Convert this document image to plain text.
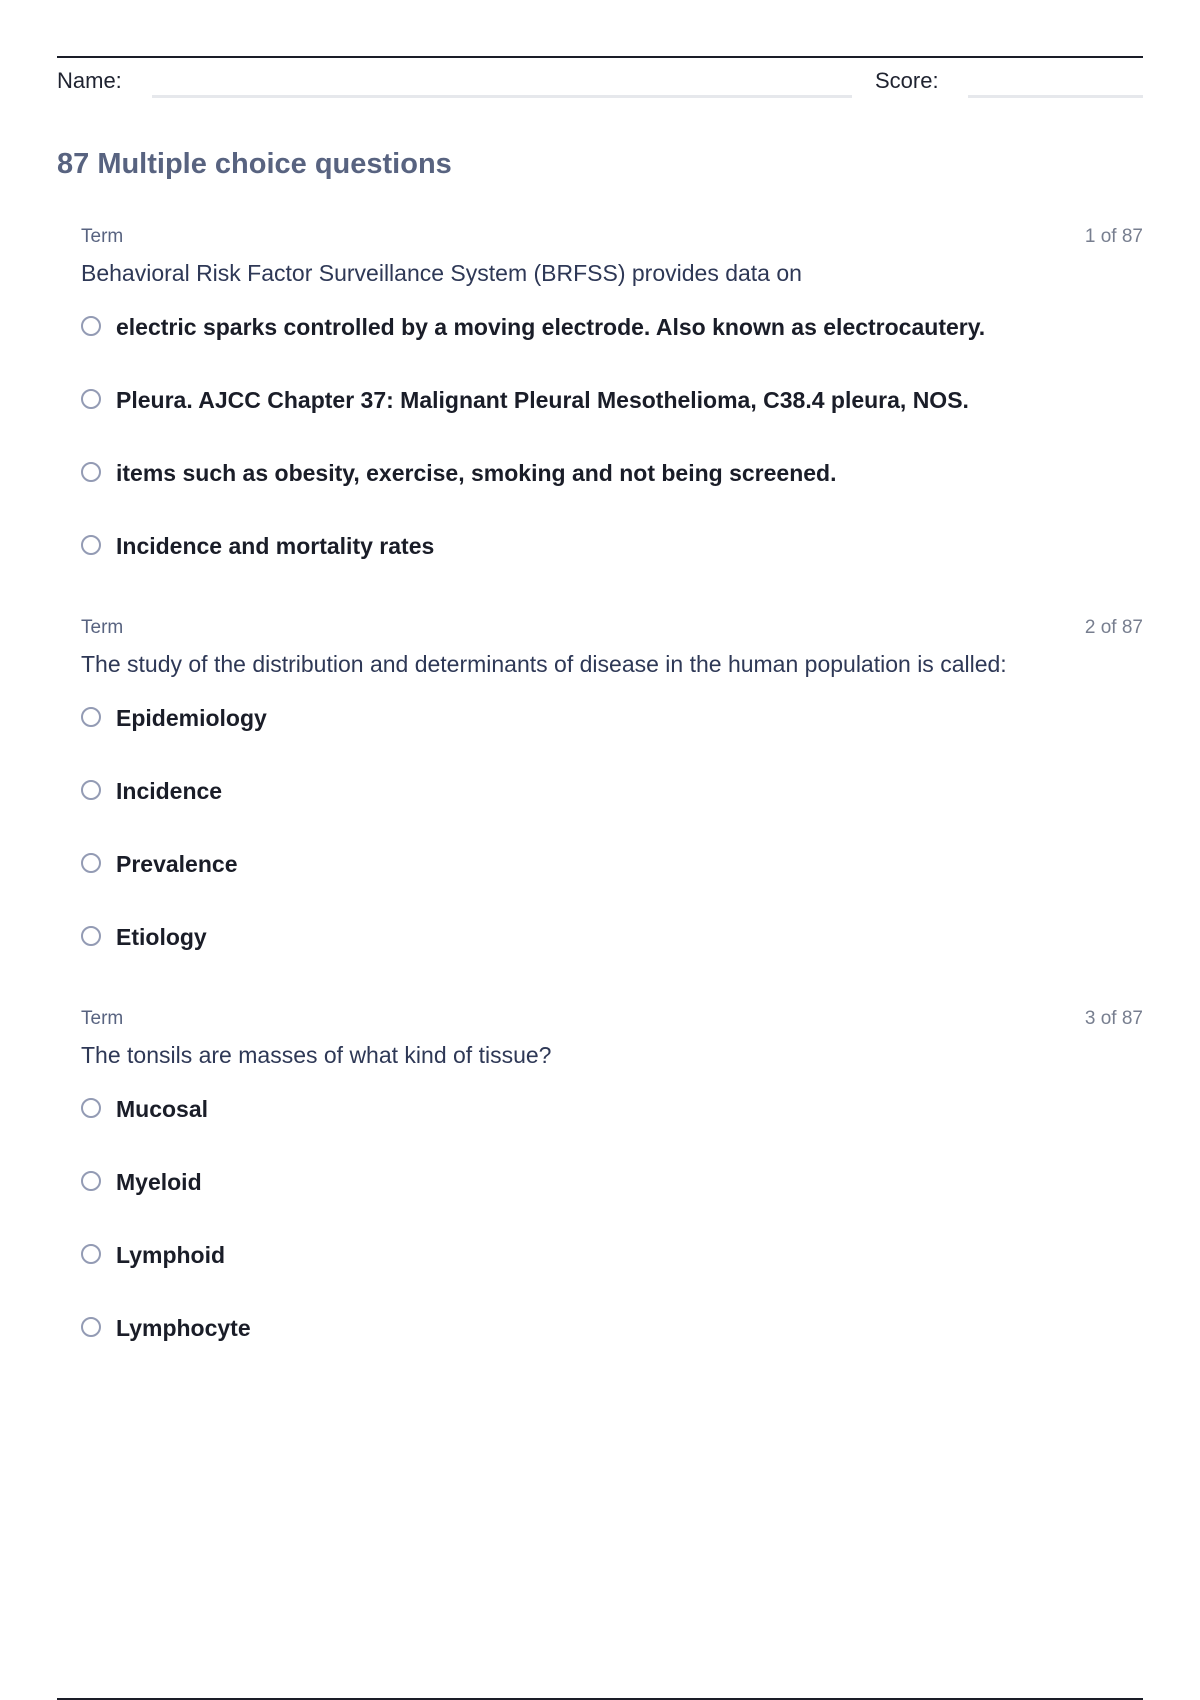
Name:	Score:
87 Multiple choice questions
Term	1 of 87
Behavioral Risk Factor Surveillance System (BRFSS) provides data on
electric sparks controlled by a moving electrode. Also known as electrocautery.
Pleura. AJCC Chapter 37: Malignant Pleural Mesothelioma, C38.4 pleura, NOS.
items such as obesity, exercise, smoking and not being screened.
Incidence and mortality rates
Term	2 of 87
The study of the distribution and determinants of disease in the human population is called:
Epidemiology
Incidence
Prevalence
Etiology
Term	3 of 87
The tonsils are masses of what kind of tissue?
Mucosal
Myeloid
Lymphoid
Lymphocyte
